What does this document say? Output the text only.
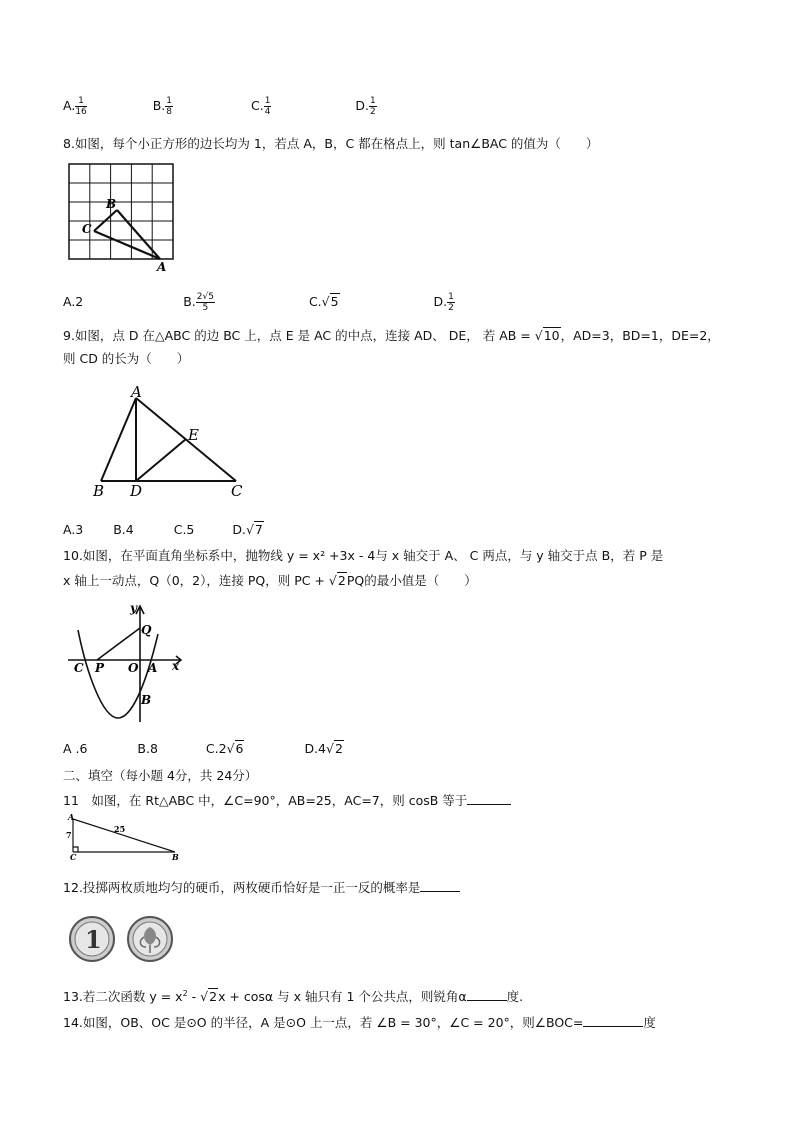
A. $\frac{1}{16}$	B. $\frac{1}{8}$	C. $\frac{1}{4}$	D. $\frac{1}{2}$
8.如图，每个小正方形的边长均为 1，若点 A，B，C 都在格点上，则 tan∠BAC 的值为（　　）
B
C
A
A.2	B. $\frac{2√5}{5}$	C.√5	D. $\frac{1}{2}$
9.如图，点 D 在△ABC 的边 BC 上，点 E 是 AC 的中点，连接 AD、 DE， 若 AB = √10，AD=3，BD=1，DE=2，
则 CD 的长为（　　）
A
E
B D	C
A.3 B.4	C.5	D.√7
10.如图，在平面直角坐标系中，抛物线 y = x² +3x - 4与 x 轴交于 A、 C 两点，与 y 轴交于点 B，若 P 是
x 轴上一动点，Q（0，2），连接 PQ，则 PC + √2PQ的最小值是（　　）
y
x
Q
C P O A
B
A .6	B.8	C.2√6	D.4√2
二、填空（每小题 4分，共 24分）
11　如图，在 Rt△ABC 中，∠C=90°，AB=25，AC=7，则 cosB 等于
A
7
25
C	B
12.投掷两枚质地均匀的硬币，两枚硬币恰好是一正一反的概率是
1
13.若二次函数 $y = x^2 - √2x + \cos\alpha$ 与 x 轴只有 1 个公共点，则锐角α	度.
14.如图，OB、OC 是⊙O 的半径，A 是⊙O 上一点，若 ∠B = 30°，∠C = 20°，则∠BOC=	度
